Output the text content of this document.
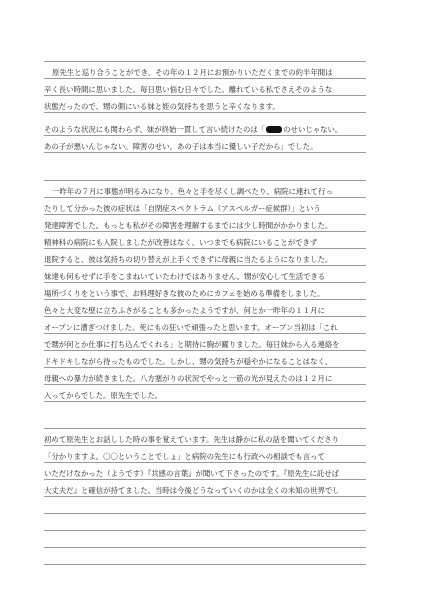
原先生と巡り合うことができ、その年の１２月にお預かりいただくまでの約半年間は
辛く長い時間に思いました。毎日思い悩む日々でした。離れている私でさえそのような
状態だったので、甥の側にいる妹と姪の気持ちを思うと辛くなります。
そのような状況にも関わらず、妹が終始一貫して言い続けたのは「 のせいじゃない。
あの子が悪いんじゃない。障害のせい。あの子は本当に優しい子だから」でした。
一昨年の７月に事態が明るみになり、色々と手を尽くし調べたり、病院に連れて行っ
たりして分かった彼の症状は「自閉症スペクトラム（アスペルガー症候群）」という
発達障害でした。もっとも私がその障害を理解するまでには少し時間がかかりました。
精神科の病院にも入院しましたが改善はなく、いつまでも病院にいることができず
退院すると、彼は気持ちの切り替えが上手くできずに母親に当たるようになりました。
妹達も何もせずに手をこまねいていたわけではありません。甥が安心して生活できる
場所づくりをという事で、お料理好きな彼のためにカフェを始める準備をしました。
色々と大変な壁に立ちふさがることも多かったようですが、何とか一昨年の１１月に
オープンに漕ぎつけました。死にもの狂いで頑張ったと思います。オープン当初は「これ
で甥が何とか仕事に打ち込んでくれる」と期待に胸が躍りました。毎日妹から入る連絡を
ドキドキしながら待ったものでした。しかし、甥の気持ちが穏やかになることはなく、
母親への暴力が続きました。八方塞がりの状況でやっと一筋の光が見えたのは１２月に
入ってからでした。原先生でした。
初めて原先生とお話しした時の事を覚えています。先生は静かに私の話を聞いてくださり
「分かりますよ。〇〇ということでしょ」と病院の先生にも行政への相談でも言って
いただけなかった（ようです）『共感の言葉』が聞いて下さったのです。『原先生に託せば
大丈夫だ』と確信が持てました。当時は今後どうなっていくのかは全くの未知の世界でし
